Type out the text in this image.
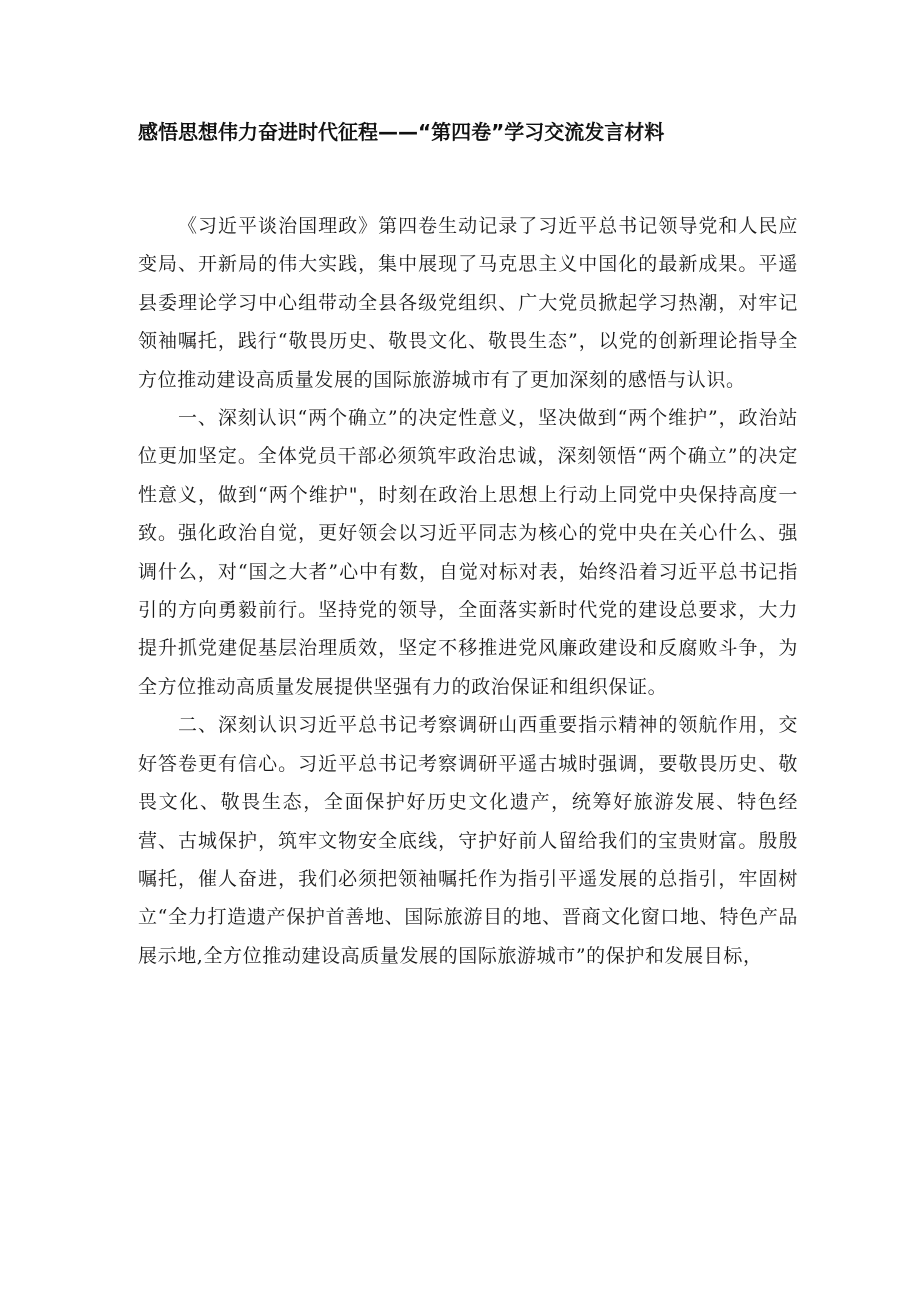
感悟思想伟力奋进时代征程——“第四卷”学习交流发言材料

《习近平谈治国理政》第四卷生动记录了习近平总书记领导党和人民应变局、开新局的伟大实践，集中展现了马克思主义中国化的最新成果。平遥县委理论学习中心组带动全县各级党组织、广大党员掀起学习热潮，对牢记领袖嘱托，践行“敬畏历史、敬畏文化、敬畏生态”，以党的创新理论指导全方位推动建设高质量发展的国际旅游城市有了更加深刻的感悟与认识。

一、深刻认识“两个确立”的决定性意义，坚决做到“两个维护”，政治站位更加坚定。全体党员干部必须筑牢政治忠诚，深刻领悟“两个确立”的决定性意义，做到“两个维护"，时刻在政治上思想上行动上同党中央保持高度一致。强化政治自觉，更好领会以习近平同志为核心的党中央在关心什么、强调什么，对“国之大者”心中有数，自觉对标对表，始终沿着习近平总书记指引的方向勇毅前行。坚持党的领导，全面落实新时代党的建设总要求，大力提升抓党建促基层治理质效，坚定不移推进党风廉政建设和反腐败斗争，为全方位推动高质量发展提供坚强有力的政治保证和组织保证。

二、深刻认识习近平总书记考察调研山西重要指示精神的领航作用，交好答卷更有信心。习近平总书记考察调研平遥古城时强调，要敬畏历史、敬畏文化、敬畏生态，全面保护好历史文化遗产，统筹好旅游发展、特色经营、古城保护，筑牢文物安全底线，守护好前人留给我们的宝贵财富。殷殷嘱托，催人奋进，我们必须把领袖嘱托作为指引平遥发展的总指引，牢固树立“全力打造遗产保护首善地、国际旅游目的地、晋商文化窗口地、特色产品展示地,全方位推动建设高质量发展的国际旅游城市”的保护和发展目标，
